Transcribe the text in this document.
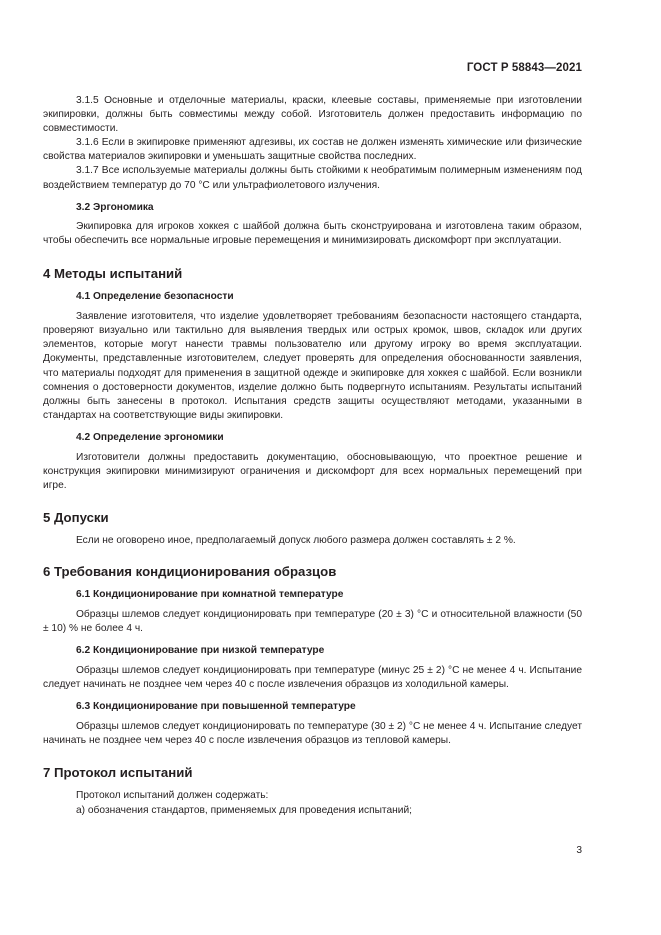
ГОСТ Р 58843—2021

3.1.5 Основные и отделочные материалы, краски, клеевые составы, применяемые при изготовлении экипировки, должны быть совместимы между собой. Изготовитель должен предоставить информацию по совместимости.

3.1.6 Если в экипировке применяют адгезивы, их состав не должен изменять химические или физические свойства материалов экипировки и уменьшать защитные свойства последних.

3.1.7 Все используемые материалы должны быть стойкими к необратимым полимерным изменениям под воздействием температур до 70 °С или ультрафиолетового излучения.

3.2 Эргономика

Экипировка для игроков хоккея с шайбой должна быть сконструирована и изготовлена таким образом, чтобы обеспечить все нормальные игровые перемещения и минимизировать дискомфорт при эксплуатации.

4 Методы испытаний
4.1 Определение безопасности

Заявление изготовителя, что изделие удовлетворяет требованиям безопасности настоящего стандарта, проверяют визуально или тактильно для выявления твердых или острых кромок, швов, складок или других элементов, которые могут нанести травмы пользователю или другому игроку во время эксплуатации. Документы, представленные изготовителем, следует проверять для определения обоснованности заявления, что материалы подходят для применения в защитной одежде и экипировке для хоккея с шайбой. Если возникли сомнения о достоверности документов, изделие должно быть подвергнуто испытаниям. Результаты испытаний должны быть занесены в протокол. Испытания средств защиты осуществляют методами, указанными в стандартах на соответствующие виды экипировки.

4.2 Определение эргономики

Изготовители должны предоставить документацию, обосновывающую, что проектное решение и конструкция экипировки минимизируют ограничения и дискомфорт для всех нормальных перемещений при игре.

5 Допуски

Если не оговорено иное, предполагаемый допуск любого размера должен составлять ± 2 %.

6 Требования кондиционирования образцов
6.1 Кондиционирование при комнатной температуре

Образцы шлемов следует кондиционировать при температуре (20 ± 3) °С и относительной влажности (50 ± 10) % не более 4 ч.

6.2 Кондиционирование при низкой температуре

Образцы шлемов следует кондиционировать при температуре (минус 25 ± 2) °С не менее 4 ч. Испытание следует начинать не позднее чем через 40 с после извлечения образцов из холодильной камеры.

6.3 Кондиционирование при повышенной температуре

Образцы шлемов следует кондиционировать по температуре (30 ± 2) °С не менее 4 ч. Испытание следует начинать не позднее чем через 40 с после извлечения образцов из тепловой камеры.

7 Протокол испытаний

Протокол испытаний должен содержать:

а) обозначения стандартов, применяемых для проведения испытаний;

3
